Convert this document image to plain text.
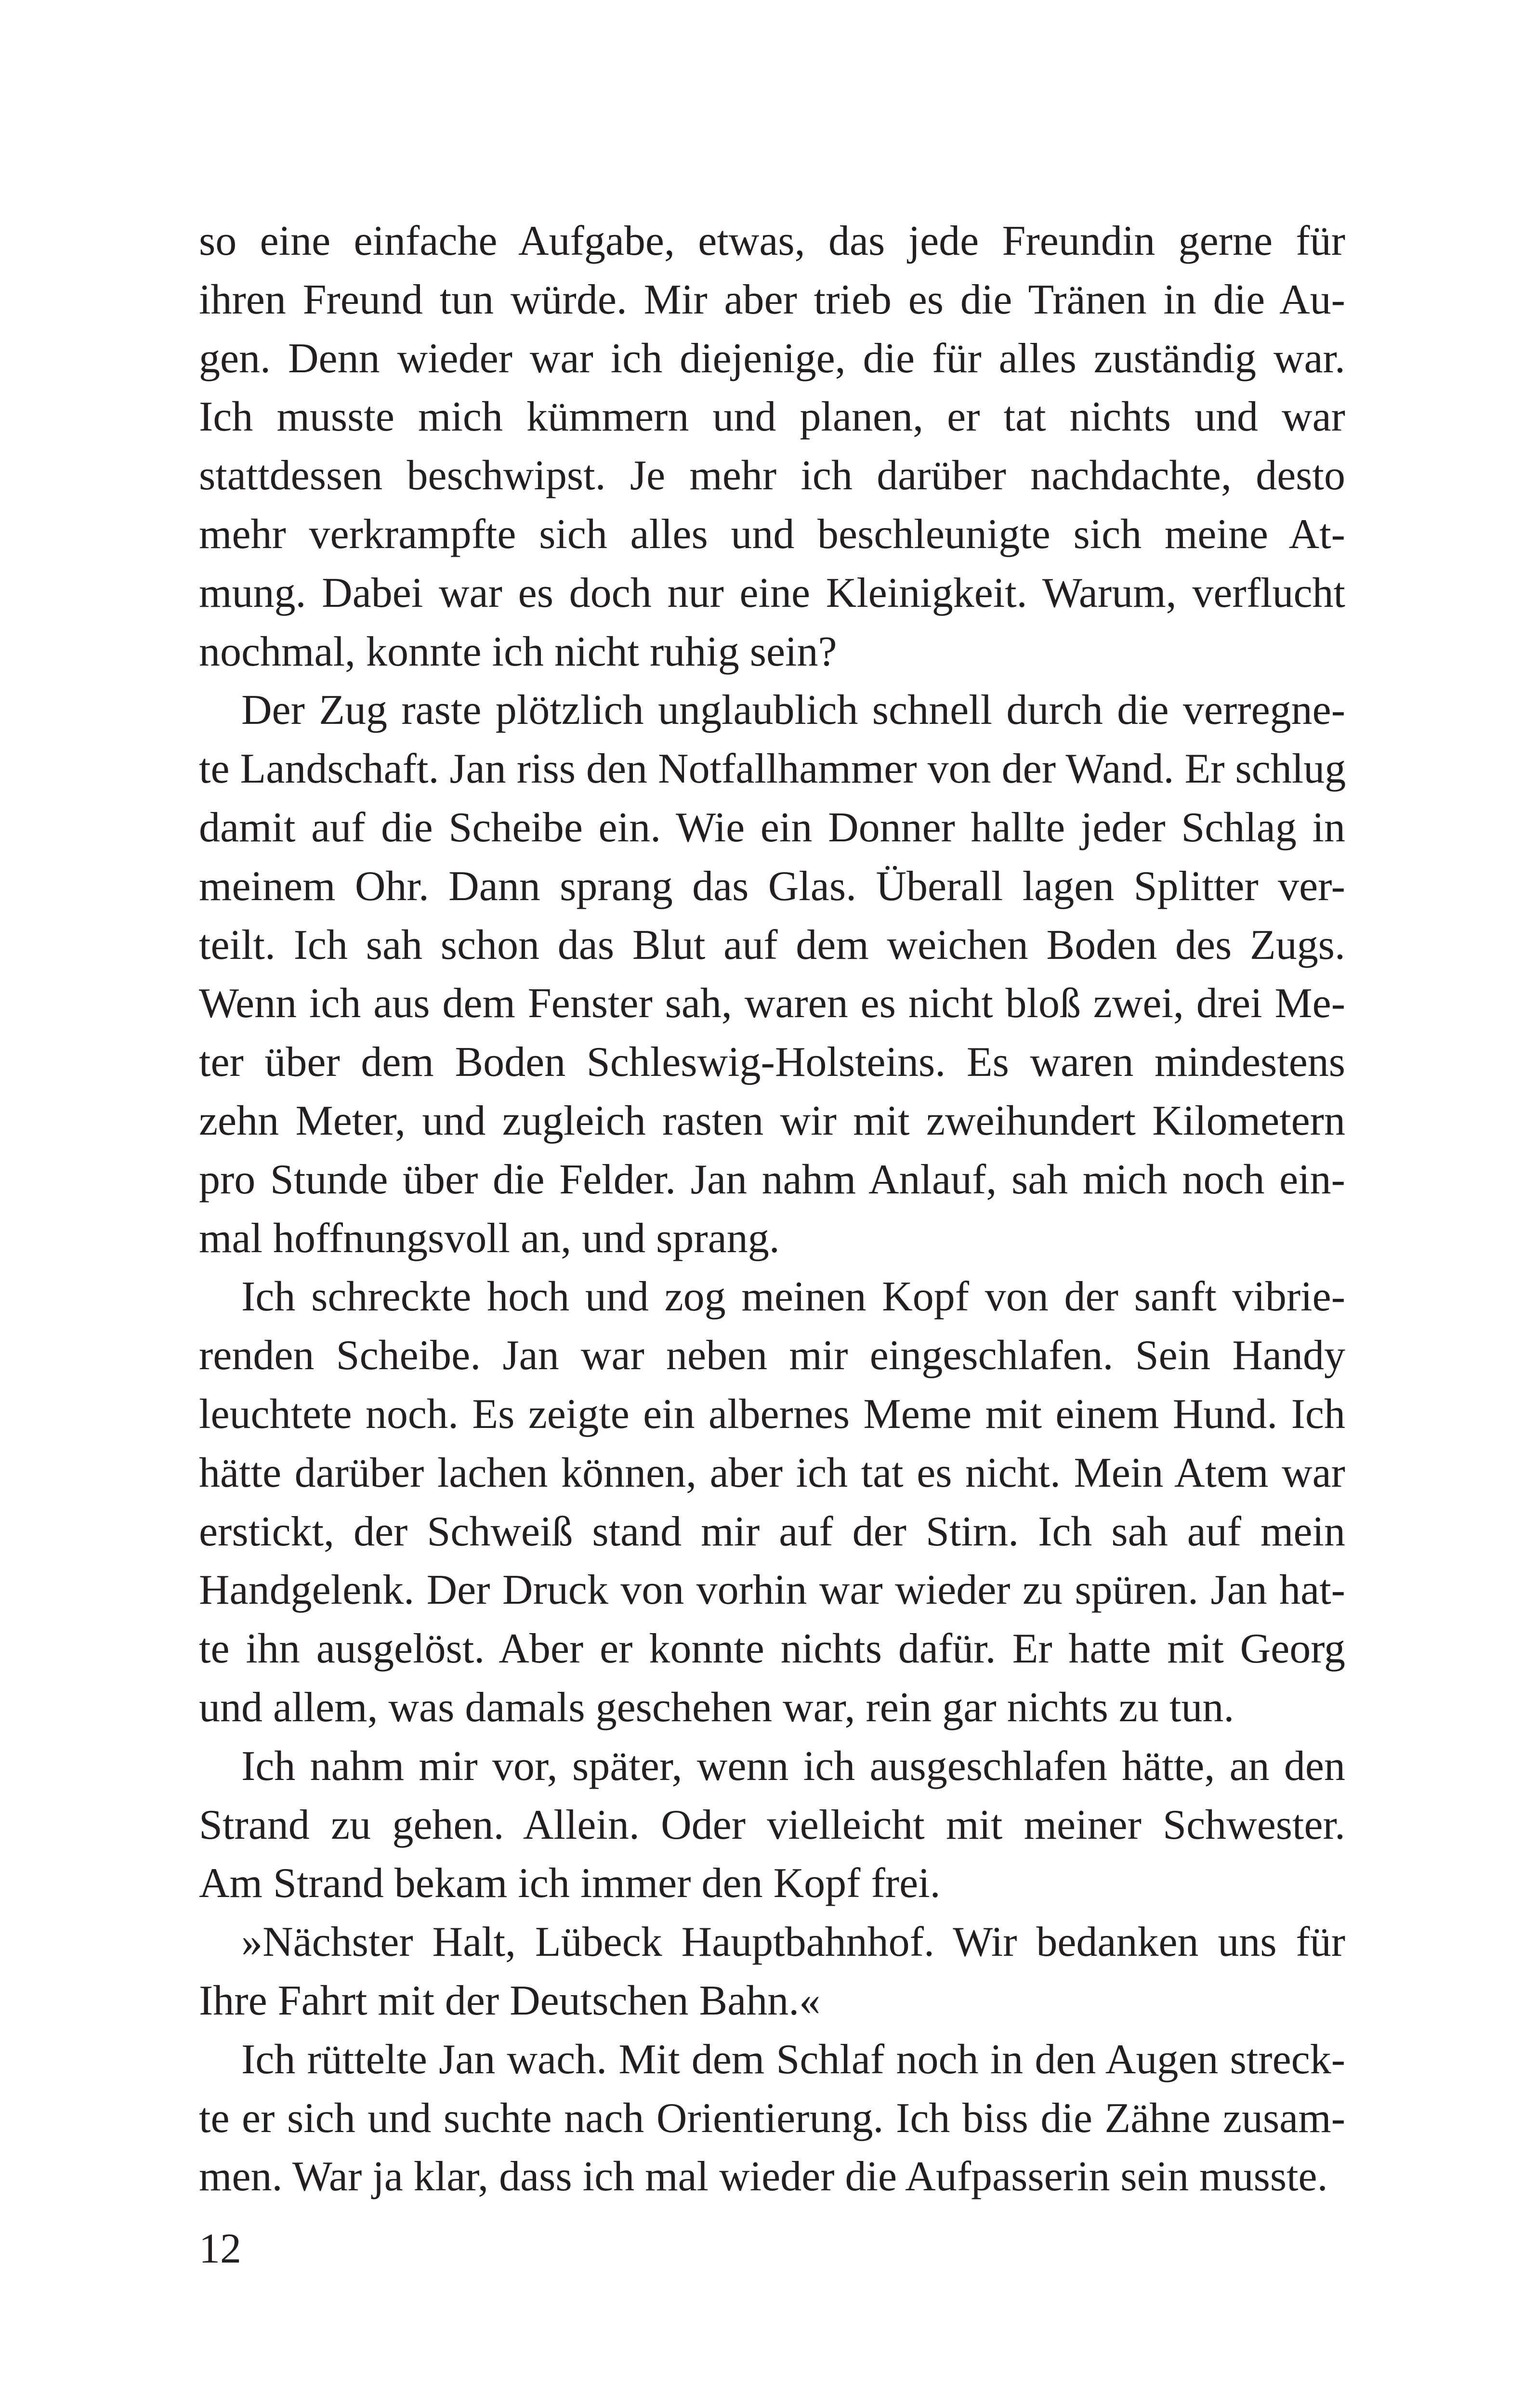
so eine einfache Aufgabe, etwas, das jede Freundin gerne für
ihren Freund tun würde. Mir aber trieb es die Tränen in die Au-
gen. Denn wieder war ich diejenige, die für alles zuständig war.
Ich musste mich kümmern und planen, er tat nichts und war
stattdessen beschwipst. Je mehr ich darüber nachdachte, desto
mehr verkrampfte sich alles und beschleunigte sich meine At-
mung. Dabei war es doch nur eine Kleinigkeit. Warum, verflucht
nochmal, konnte ich nicht ruhig sein?
 Der Zug raste plötzlich unglaublich schnell durch die verregne-
te Landschaft. Jan riss den Notfallhammer von der Wand. Er schlug
damit auf die Scheibe ein. Wie ein Donner hallte jeder Schlag in
meinem Ohr. Dann sprang das Glas. Überall lagen Splitter ver-
teilt. Ich sah schon das Blut auf dem weichen Boden des Zugs.
Wenn ich aus dem Fenster sah, waren es nicht bloß zwei, drei Me-
ter über dem Boden Schleswig-Holsteins. Es waren mindestens
zehn Meter, und zugleich rasten wir mit zweihundert Kilometern
pro Stunde über die Felder. Jan nahm Anlauf, sah mich noch ein-
mal hoffnungsvoll an, und sprang.
 Ich schreckte hoch und zog meinen Kopf von der sanft vibrie-
renden Scheibe. Jan war neben mir eingeschlafen. Sein Handy
leuchtete noch. Es zeigte ein albernes Meme mit einem Hund. Ich
hätte darüber lachen können, aber ich tat es nicht. Mein Atem war
erstickt, der Schweiß stand mir auf der Stirn. Ich sah auf mein
Handgelenk. Der Druck von vorhin war wieder zu spüren. Jan hat-
te ihn ausgelöst. Aber er konnte nichts dafür. Er hatte mit Georg
und allem, was damals geschehen war, rein gar nichts zu tun.
 Ich nahm mir vor, später, wenn ich ausgeschlafen hätte, an den
Strand zu gehen. Allein. Oder vielleicht mit meiner Schwester.
Am Strand bekam ich immer den Kopf frei.
 »Nächster Halt, Lübeck Hauptbahnhof. Wir bedanken uns für
Ihre Fahrt mit der Deutschen Bahn.«
 Ich rüttelte Jan wach. Mit dem Schlaf noch in den Augen streck-
te er sich und suchte nach Orientierung. Ich biss die Zähne zusam-
men. War ja klar, dass ich mal wieder die Aufpasserin sein musste.
12
